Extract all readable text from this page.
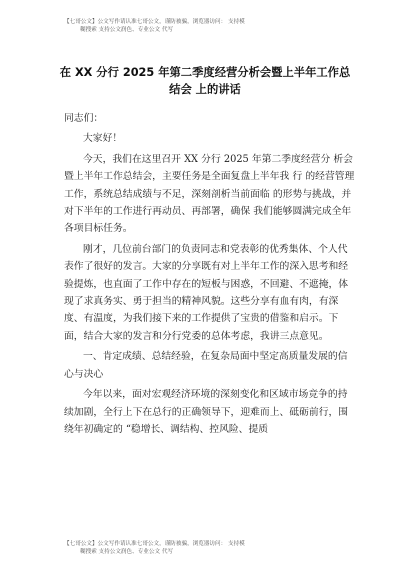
【七哥公文】公文写作请认准七哥公文，谨防被骗，浏览器访问： 支持模
糊搜索 支持公文润色、专业公文 代写
在 XX 分行 2025 年第二季度经营分析会暨上半年工作总
结会 上的讲话

同志们：

大家好！

今天，我们在这里召开 XX 分行 2025 年第二季度经营分 析会暨上半年工作总结会，主要任务是全面复盘上半年我 行 的经营管理工作，系统总结成绩与不足，深刻剖析当前面临 的形势与挑战，并对下半年的工作进行再动员、再部署，确保 我们能够圆满完成全年各项目标任务。

刚才，几位前台部门的负责同志和党表彰的优秀集体、个人代表作了很好的发言。大家的分享既有对上半年工作的深入思考和经验提炼，也直面了工作中存在的短板与困惑，不回避、不遮掩，体现了求真务实、勇于担当的精神风貌。这些分享有血有肉，有深度、有温度，为我们接下来的工作提供了宝贵的借鉴和启示。下面，结合大家的发言和分行党委的总体考虑，我讲三点意见。

一、肯定成绩、总结经验，在复杂局面中坚定高质量发展的信心与决心

今年以来，面对宏观经济环境的深刻变化和区域市场竞争的持续加剧，全行上下在总行的正确领导下，迎难而上、砥砺前行，围绕年初确定的 “稳增长、调结构、控风险、提质

【七哥公文】公文写作请认准七哥公文，谨防被骗，浏览器访问： 支持模
糊搜索 支持公文润色、专业公文 代写
